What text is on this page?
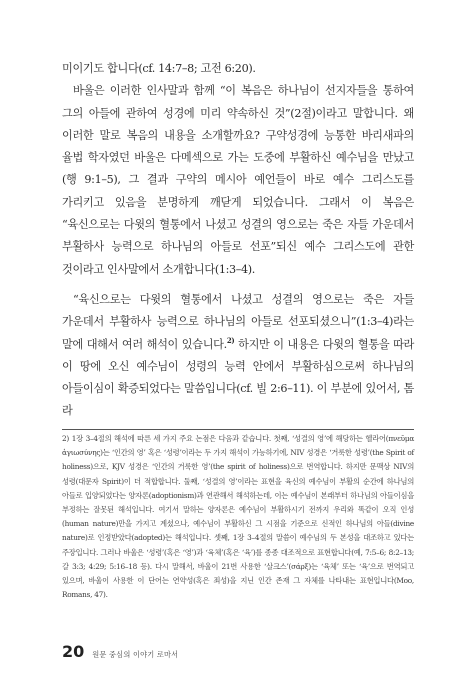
미이기도 합니다(cf. 14:7–8; 고전 6:20).

바울은 이러한 인사말과 함께 “이 복음은 하나님이 선지자들을 통하여 그의 아들에 관하여 성경에 미리 약속하신 것”(2절)이라고 말합니다. 왜 이러한 말로 복음의 내용을 소개할까요? 구약성경에 능통한 바리새파의 율법 학자였던 바울은 다메섹으로 가는 도중에 부활하신 예수님을 만났고(행 9:1–5), 그 결과 구약의 메시아 예언들이 바로 예수 그리스도를 가리키고 있음을 분명하게 깨닫게 되었습니다. 그래서 이 복음은 “육신으로는 다윗의 혈통에서 나셨고 성결의 영으로는 죽은 자들 가운데서 부활하사 능력으로 하나님의 아들로 선포”되신 예수 그리스도에 관한 것이라고 인사말에서 소개합니다(1:3–4).

“육신으로는 다윗의 혈통에서 나셨고 성결의 영으로는 죽은 자들 가운데서 부활하사 능력으로 하나님의 아들로 선포되셨으니”(1:3–4)라는 말에 대해서 여러 해석이 있습니다.$^{2)}$ 하지만 이 내용은 다윗의 혈통을 따라 이 땅에 오신 예수님이 성령의 능력 안에서 부활하심으로써 하나님의 아들이심이 확증되었다는 말씀입니다(cf. 빌 2:6–11). 이 부분에 있어서, 톰 라

2) 1장 3–4절의 해석에 따른 세 가지 주요 논점은 다음과 같습니다. 첫째, ‘성결의 영’에 해당하는 헬라어(πνεῦμα ἁγιωσύνης)는 ‘인간의 영’ 혹은 ‘성령’이라는 두 가지 해석이 가능하기에, NIV 성경은 ‘거룩한 성령’(the Spirit of holiness)으로, KJV 성경은 ‘인간의 거룩한 영’(the spirit of holiness)으로 번역합니다. 하지만 문맥상 NIV의 성령(대문자 Spirit)이 더 적합합니다. 둘째, ‘성결의 영’이라는 표현을 육신의 예수님이 부활의 순간에 하나님의 아들로 입양되었다는 양자론(adoptionism)과 연관해서 해석하는데, 이는 예수님이 본래부터 하나님의 아들이심을 부정하는 잘못된 해석입니다. 여기서 말하는 양자론은 예수님이 부활하시기 전까지 우리와 똑같이 오직 인성(human nature)만을 가지고 계셨으나, 예수님이 부활하신 그 시점을 기준으로 신적인 하나님의 아들(divine nature)로 인정받았다(adopted)는 해석입니다. 셋째, 1장 3–4절의 말씀이 예수님의 두 본성을 대조하고 있다는 주장입니다. 그러나 바울은 ‘성령’(혹은 ‘영’)과 ‘육체’(혹은 ‘육’)를 종종 대조적으로 표현합니다(예, 7:5–6; 8:2–13; 갈 3:3; 4:29; 5:16–18 등). 다시 말해서, 바울이 21번 사용한 ‘살크스’(σάρξ)는 ‘육체’ 또는 ‘육’으로 번역되고 있으며, 바울이 사용한 이 단어는 연약성(혹은 죄성)을 지닌 인간 존재 그 자체를 나타내는 표현입니다(Moo, Romans, 47).
20 원문 중심의 이야기 로마서
